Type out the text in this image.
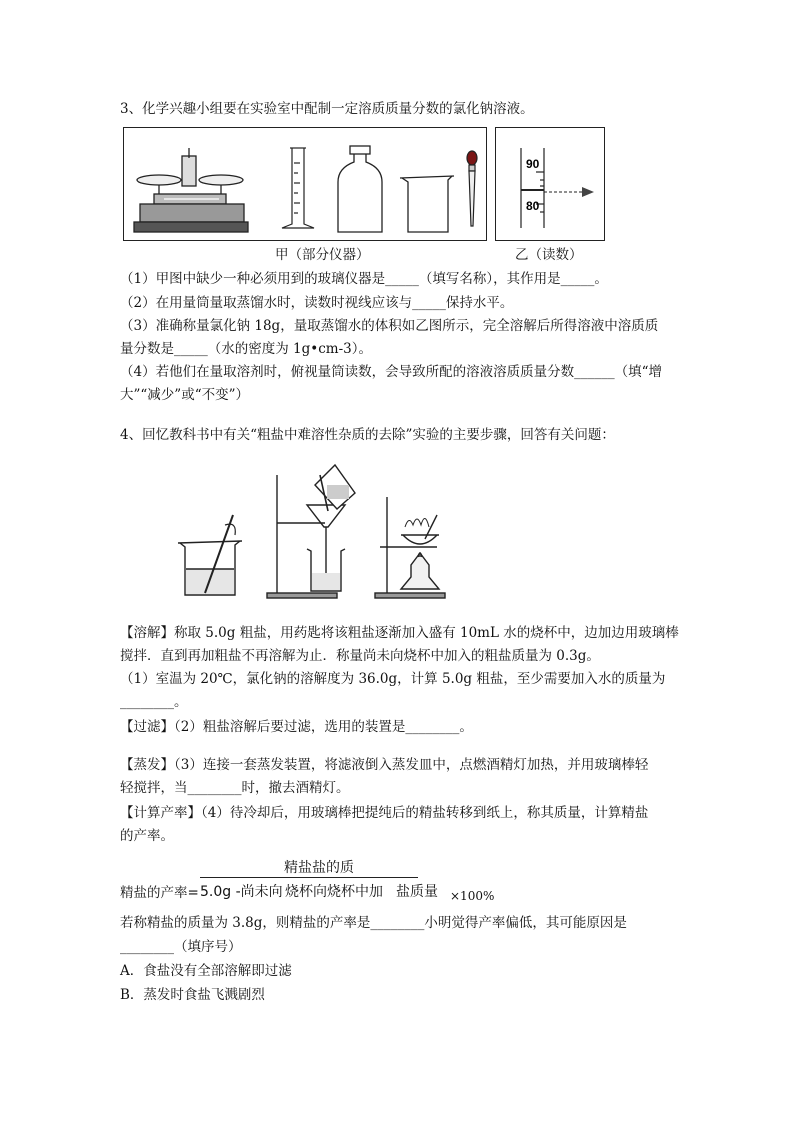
3、化学兴趣小组要在实验室中配制一定溶质质量分数的氯化钠溶液。
甲（部分仪器）
90
80
乙（读数）
（1）甲图中缺少一种必须用到的玻璃仪器是_____（填写名称），其作用是_____。
（2）在用量筒量取蒸馏水时，读数时视线应该与_____保持水平。
（3）准确称量氯化钠 18g，量取蒸馏水的体积如乙图所示，完全溶解后所得溶液中溶质质
量分数是_____（水的密度为 1g•cm-3）。
（4）若他们在量取溶剂时，俯视量筒读数，会导致所配的溶液溶质质量分数______（填“增
大”“减少”或“不变”）
4、回忆教科书中有关“粗盐中难溶性杂质的去除”实验的主要步骤，回答有关问题：
【溶解】称取 5.0g 粗盐，用药匙将该粗盐逐渐加入盛有 10mL 水的烧杯中，边加边用玻璃棒
搅拌．直到再加粗盐不再溶解为止．称量尚未向烧杯中加入的粗盐质量为 0.3g。
（1）室温为 20℃，氯化钠的溶解度为 36.0g，计算 5.0g 粗盐，至少需要加入水的质量为
________。
【过滤】（2）粗盐溶解后要过滤，选用的装置是________。
【蒸发】（3）连接一套蒸发装置，将滤液倒入蒸发皿中，点燃酒精灯加热，并用玻璃棒轻
轻搅拌，当________时，撤去酒精灯。
【计算产率】（4）待冷却后，用玻璃棒把提纯后的精盐转移到纸上，称其质量，计算精盐
的产率。
精盐盐的质
精盐的产率= 5.0g -尚未向 烧杯向烧杯中加 盐质量 ×100%
若称精盐的质量为 3.8g，则精盐的产率是________小明觉得产率偏低，其可能原因是
________（填序号）
A．食盐没有全部溶解即过滤
B．蒸发时食盐飞溅剧烈
